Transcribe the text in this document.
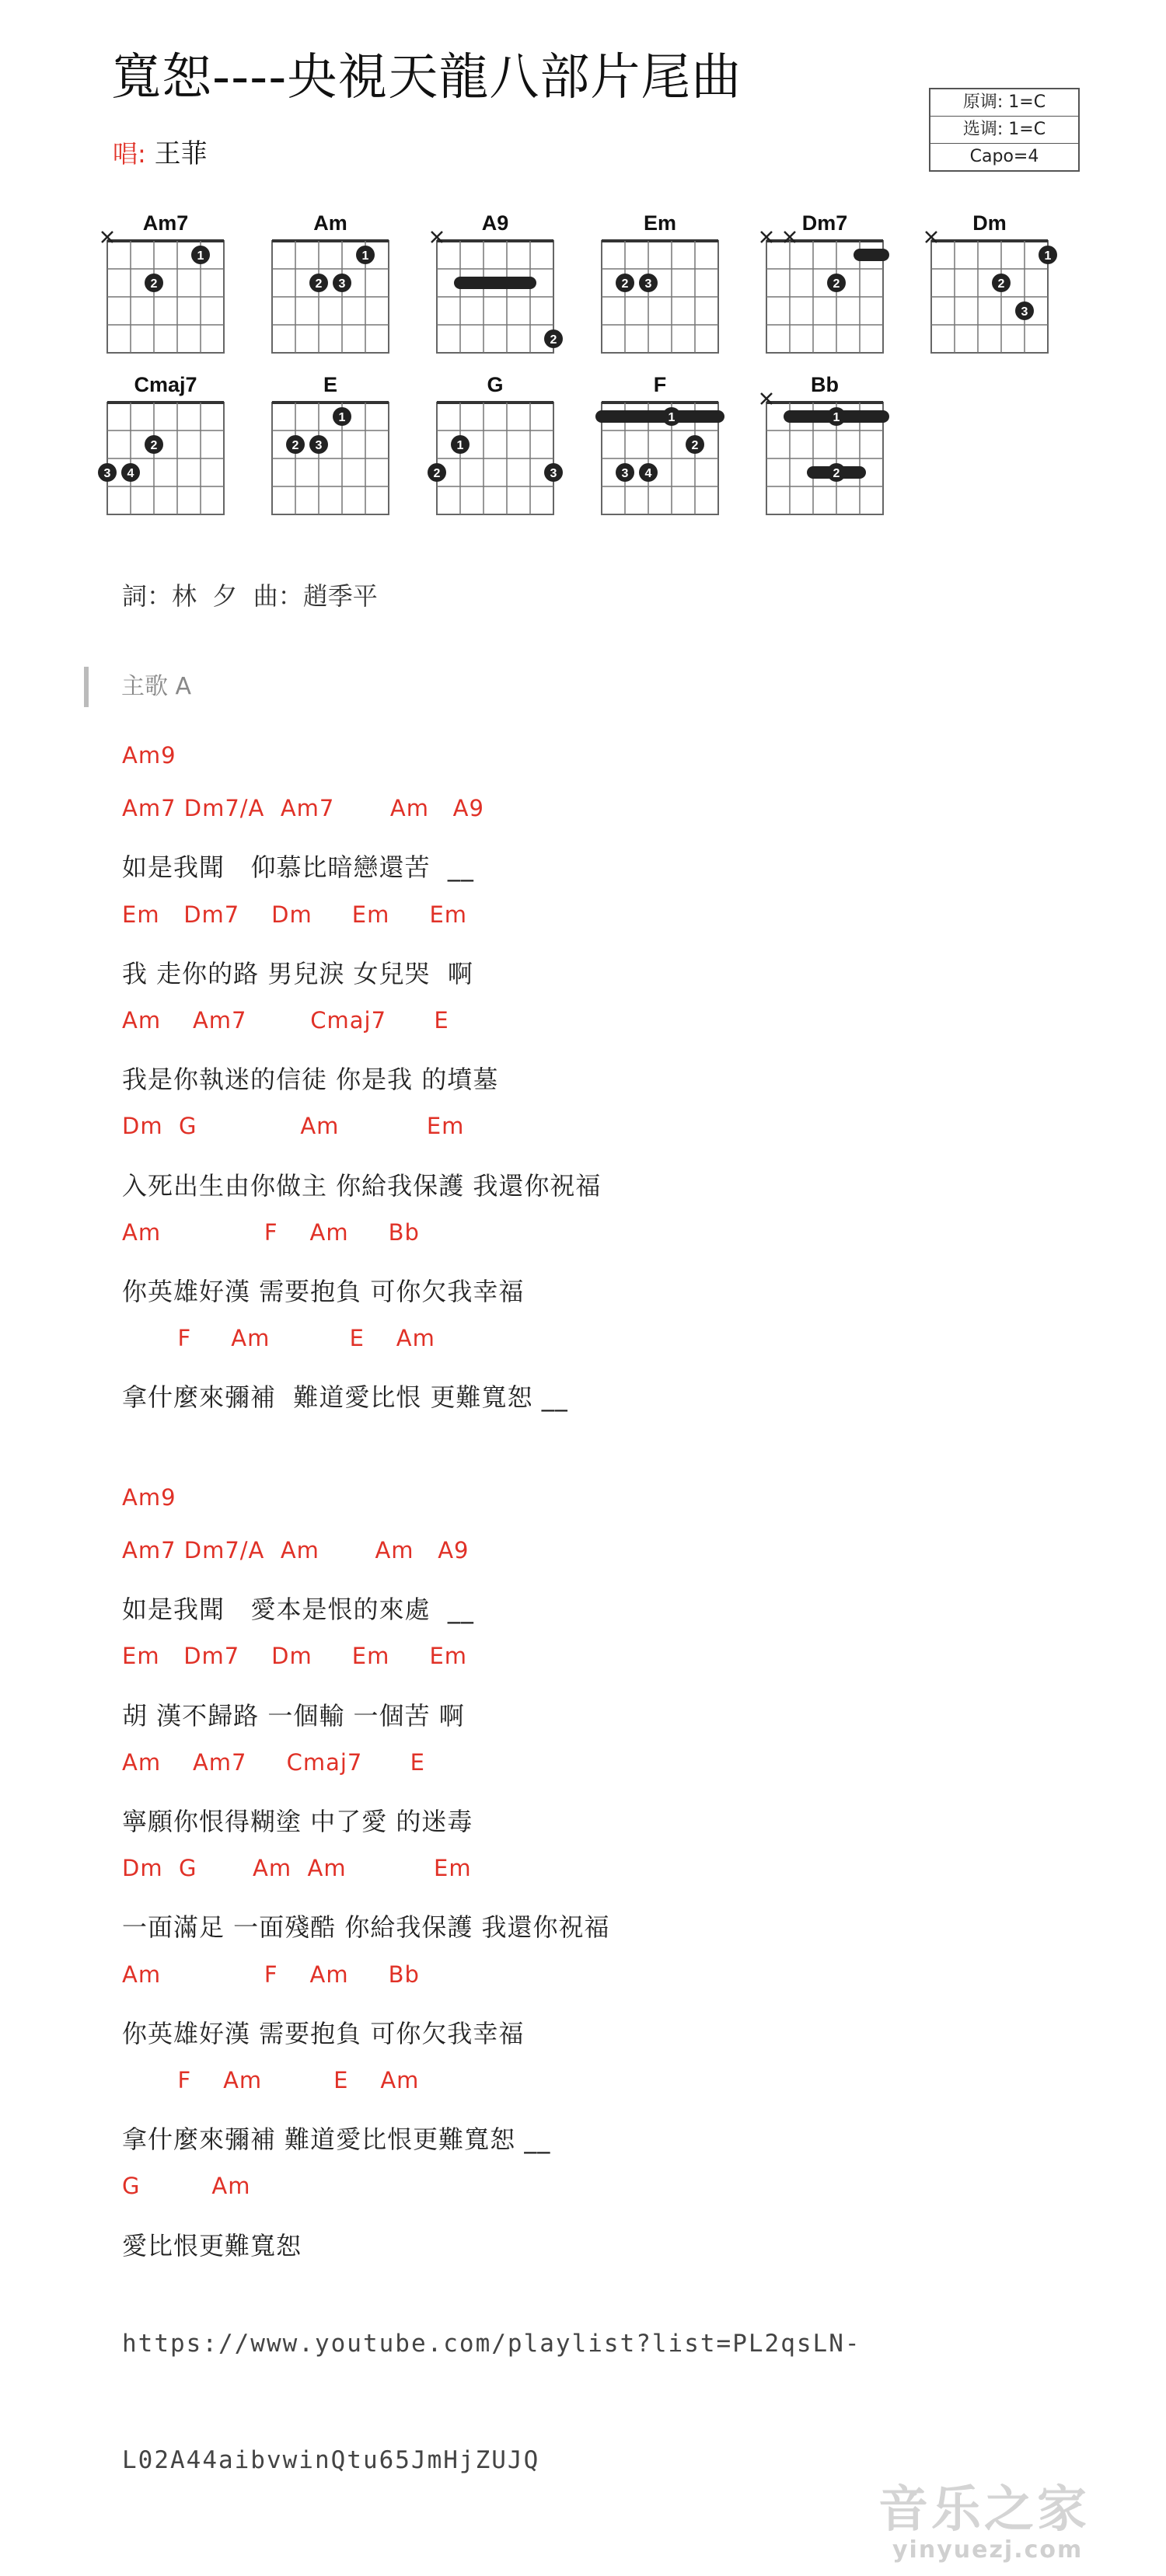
寬恕----央視天龍八部片尾曲
唱: 王菲
原调: 1=C
选调: 1=C
Capo=4
Am7
1
2
Am
1
2 3
A9
2
Em
2 3
Dm7
2
Dm
1
2
3
Cmaj7
2
3 4
E
1
2 3
G
1
2	3
F
1
2
3 4
Bb
1
2
詞：林  夕  曲：趙季平
主歌 A
Am9
Am7 Dm7/A  Am7       Am   A9
如是我聞   仰慕比暗戀還苦  __
Em   Dm7    Dm     Em     Em
我 走你的路 男兒淚 女兒哭  啊
Am    Am7        Cmaj7      E
我是你執迷的信徒 你是我 的墳墓
Dm  G             Am           Em
入死出生由你做主 你給我保護 我還你祝福
Am             F    Am     Bb
你英雄好漢 需要抱負 可你欠我幸福
F     Am          E    Am
拿什麼來彌補  難道愛比恨 更難寬恕 __
Am9
Am7 Dm7/A  Am       Am   A9
如是我聞   愛本是恨的來處  __
Em   Dm7    Dm     Em     Em
胡 漢不歸路 一個輸 一個苦 啊
Am    Am7     Cmaj7      E
寧願你恨得糊塗 中了愛 的迷毒
Dm  G       Am  Am           Em
一面滿足 一面殘酷 你給我保護 我還你祝福
Am             F    Am     Bb
你英雄好漢 需要抱負 可你欠我幸福
F    Am         E    Am
拿什麼來彌補 難道愛比恨更難寬恕 __
G         Am
愛比恨更難寬恕
https://www.youtube.com/playlist?list=PL2qsLN-
L02A44aibvwinQtu65JmHjZUJQ
音乐之家
yinyuezj.com
